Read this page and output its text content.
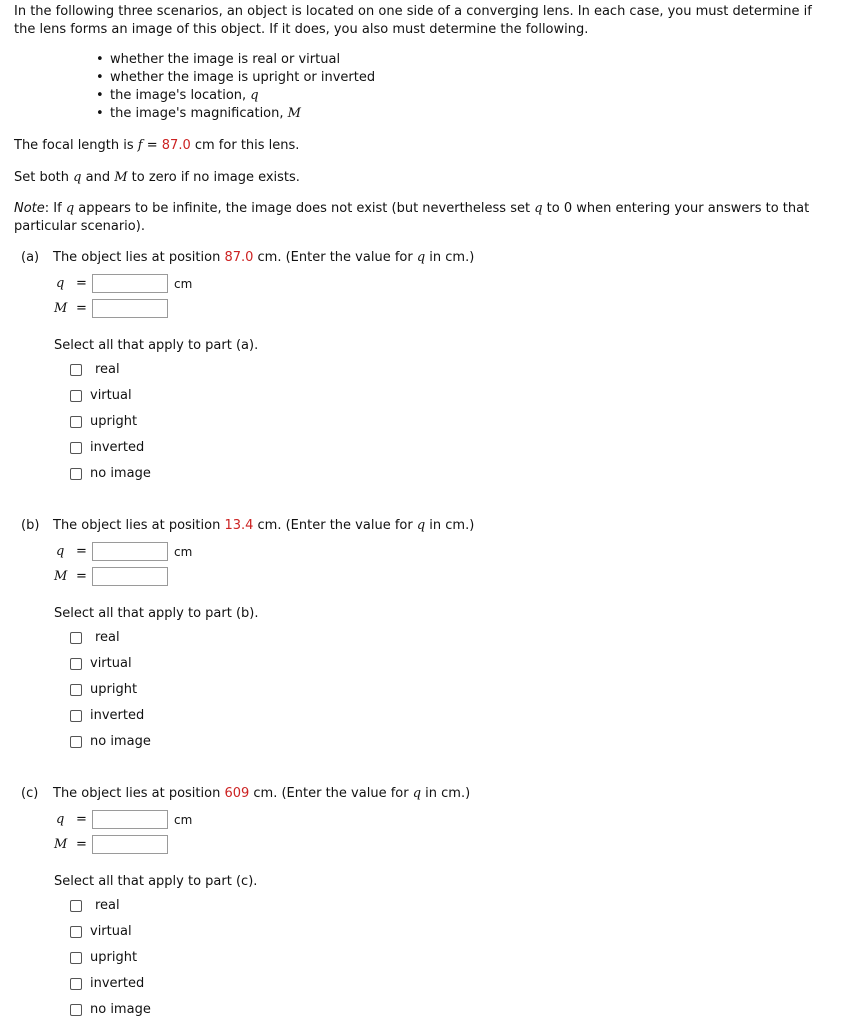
In the following three scenarios, an object is located on one side of a converging lens. In each case, you must determine if the lens forms an image of this object. If it does, you also must determine the following.
• whether the image is real or virtual
• whether the image is upright or inverted
• the image's location, q
• the image's magnification, M
The focal length is f = 87.0 cm for this lens.
Set both q and M to zero if no image exists.
Note: If q appears to be infinite, the image does not exist (but nevertheless set q to 0 when entering your answers to that particular scenario).
(a) The object lies at position 87.0 cm. (Enter the value for q in cm.)
q =	cm
M =
Select all that apply to part (a).
real
virtual
upright
inverted
no image
(b) The object lies at position 13.4 cm. (Enter the value for q in cm.)
q =	cm
M =
Select all that apply to part (b).
real
virtual
upright
inverted
no image
(c) The object lies at position 609 cm. (Enter the value for q in cm.)
q =	cm
M =
Select all that apply to part (c).
real
virtual
upright
inverted
no image
